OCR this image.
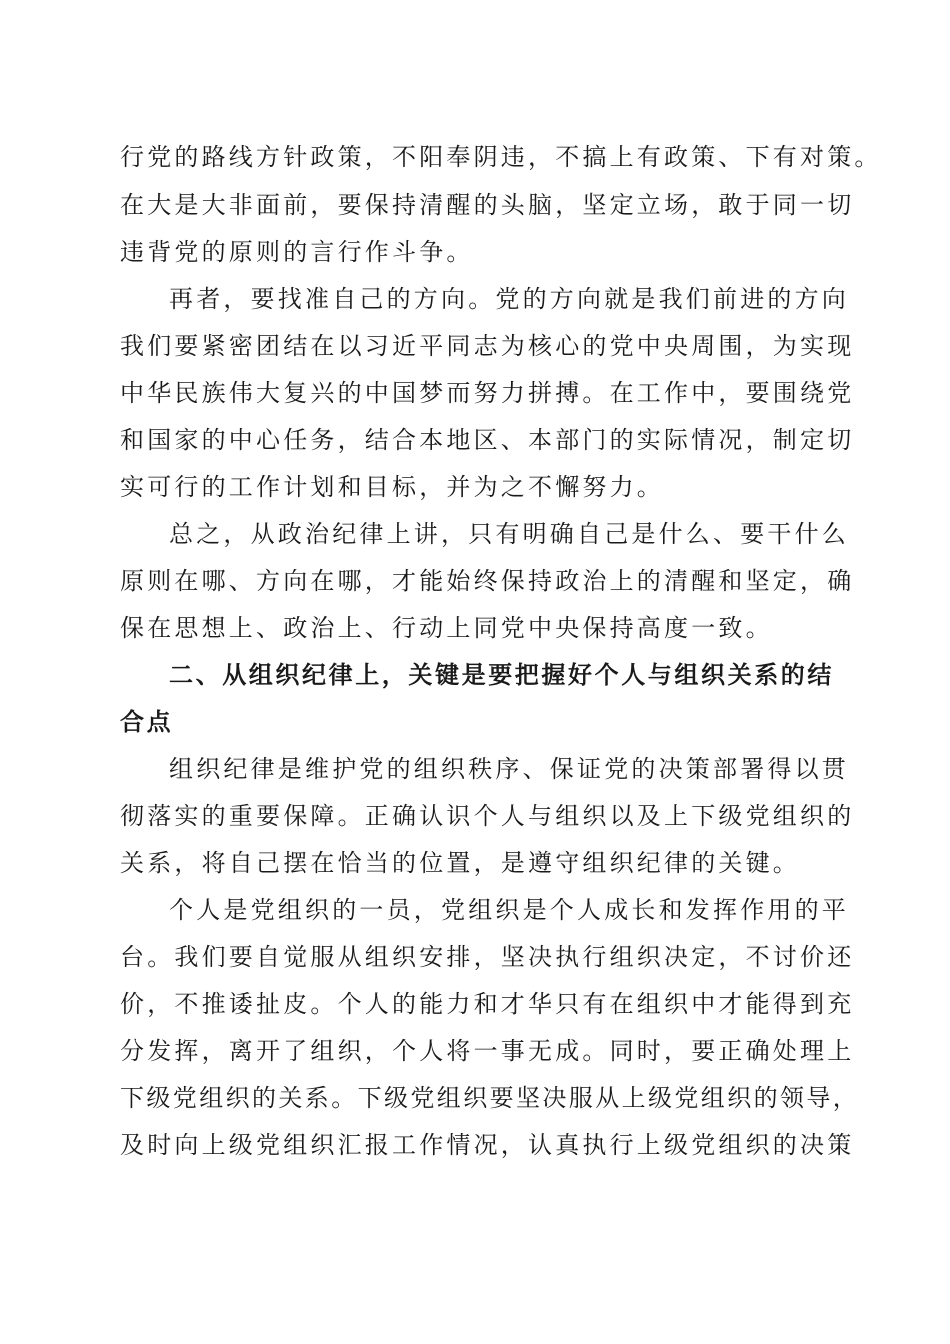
行党的路线方针政策，不阳奉阴违，不搞上有政策、下有对策。
在大是大非面前，要保持清醒的头脑，坚定立场，敢于同一切
违背党的原则的言行作斗争。
再者，要找准自己的方向。党的方向就是我们前进的方向
我们要紧密团结在以习近平同志为核心的党中央周围，为实现
中华民族伟大复兴的中国梦而努力拼搏。在工作中，要围绕党
和国家的中心任务，结合本地区、本部门的实际情况，制定切
实可行的工作计划和目标，并为之不懈努力。
总之，从政治纪律上讲，只有明确自己是什么、要干什么
原则在哪、方向在哪，才能始终保持政治上的清醒和坚定，确
保在思想上、政治上、行动上同党中央保持高度一致。
二、从组织纪律上，关键是要把握好个人与组织关系的结
合点
组织纪律是维护党的组织秩序、保证党的决策部署得以贯
彻落实的重要保障。正确认识个人与组织以及上下级党组织的
关系，将自己摆在恰当的位置，是遵守组织纪律的关键。
个人是党组织的一员，党组织是个人成长和发挥作用的平
台。我们要自觉服从组织安排，坚决执行组织决定，不讨价还
价，不推诿扯皮。个人的能力和才华只有在组织中才能得到充
分发挥，离开了组织，个人将一事无成。同时，要正确处理上
下级党组织的关系。下级党组织要坚决服从上级党组织的领导，
及时向上级党组织汇报工作情况，认真执行上级党组织的决策
